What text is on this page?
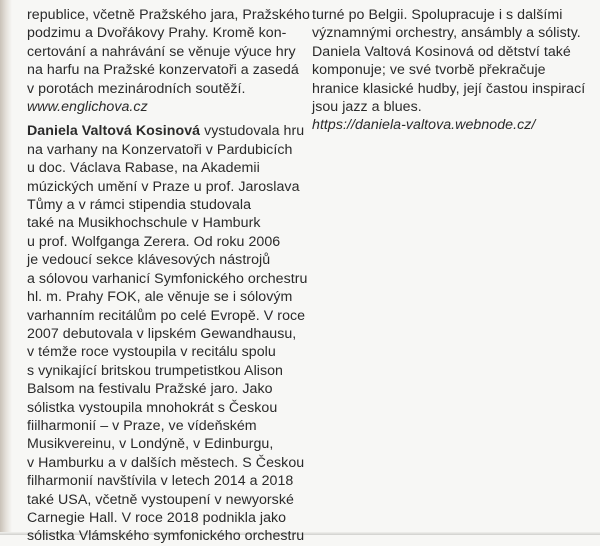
republice, včetně Pražského jara, Pražského
podzimu a Dvořákovy Prahy. Kromě kon-
certování a nahrávání se věnuje výuce hry
na harfu na Pražské konzervatoři a zasedá
v porotách mezinárodních soutěží.
www.englichova.cz
Daniela Valtová Kosinová vystudovala hru
na varhany na Konzervatoři v Pardubicích
u doc. Václava Rabase, na Akademii
múzických umění v Praze u prof. Jaroslava
Tůmy a v rámci stipendia studovala
také na Musikhochschule v Hamburk
u prof. Wolfganga Zerera. Od roku 2006
je vedoucí sekce klávesových nástrojů
a sólovou varhanicí Symfonického orchestru
hl. m. Prahy FOK, ale věnuje se i sólovým
varhanním recitálům po celé Evropě. V roce
2007 debutovala v lipském Gewandhausu,
v témže roce vystoupila v recitálu spolu
s vynikající britskou trumpetistkou Alison
Balsom na festivalu Pražské jaro. Jako
sólistka vystoupila mnohokrát s Českou
fiilharmonií – v Praze, ve vídeňském
Musikvereinu, v Londýně, v Edinburgu,
v Hamburku a v dalších městech. S Českou
filharmonií navštívila v letech 2014 a 2018
také USA, včetně vystoupení v newyorské
Carnegie Hall. V roce 2018 podnikla jako
sólistka Vlámského symfonického orchestru
turné po Belgii. Spolupracuje i s dalšími
významnými orchestry, ansámbly a sólisty.
Daniela Valtová Kosinová od dětství také
komponuje; ve své tvorbě překračuje
hranice klasické hudby, její častou inspirací
jsou jazz a blues.
https://daniela-valtova.webnode.cz/
